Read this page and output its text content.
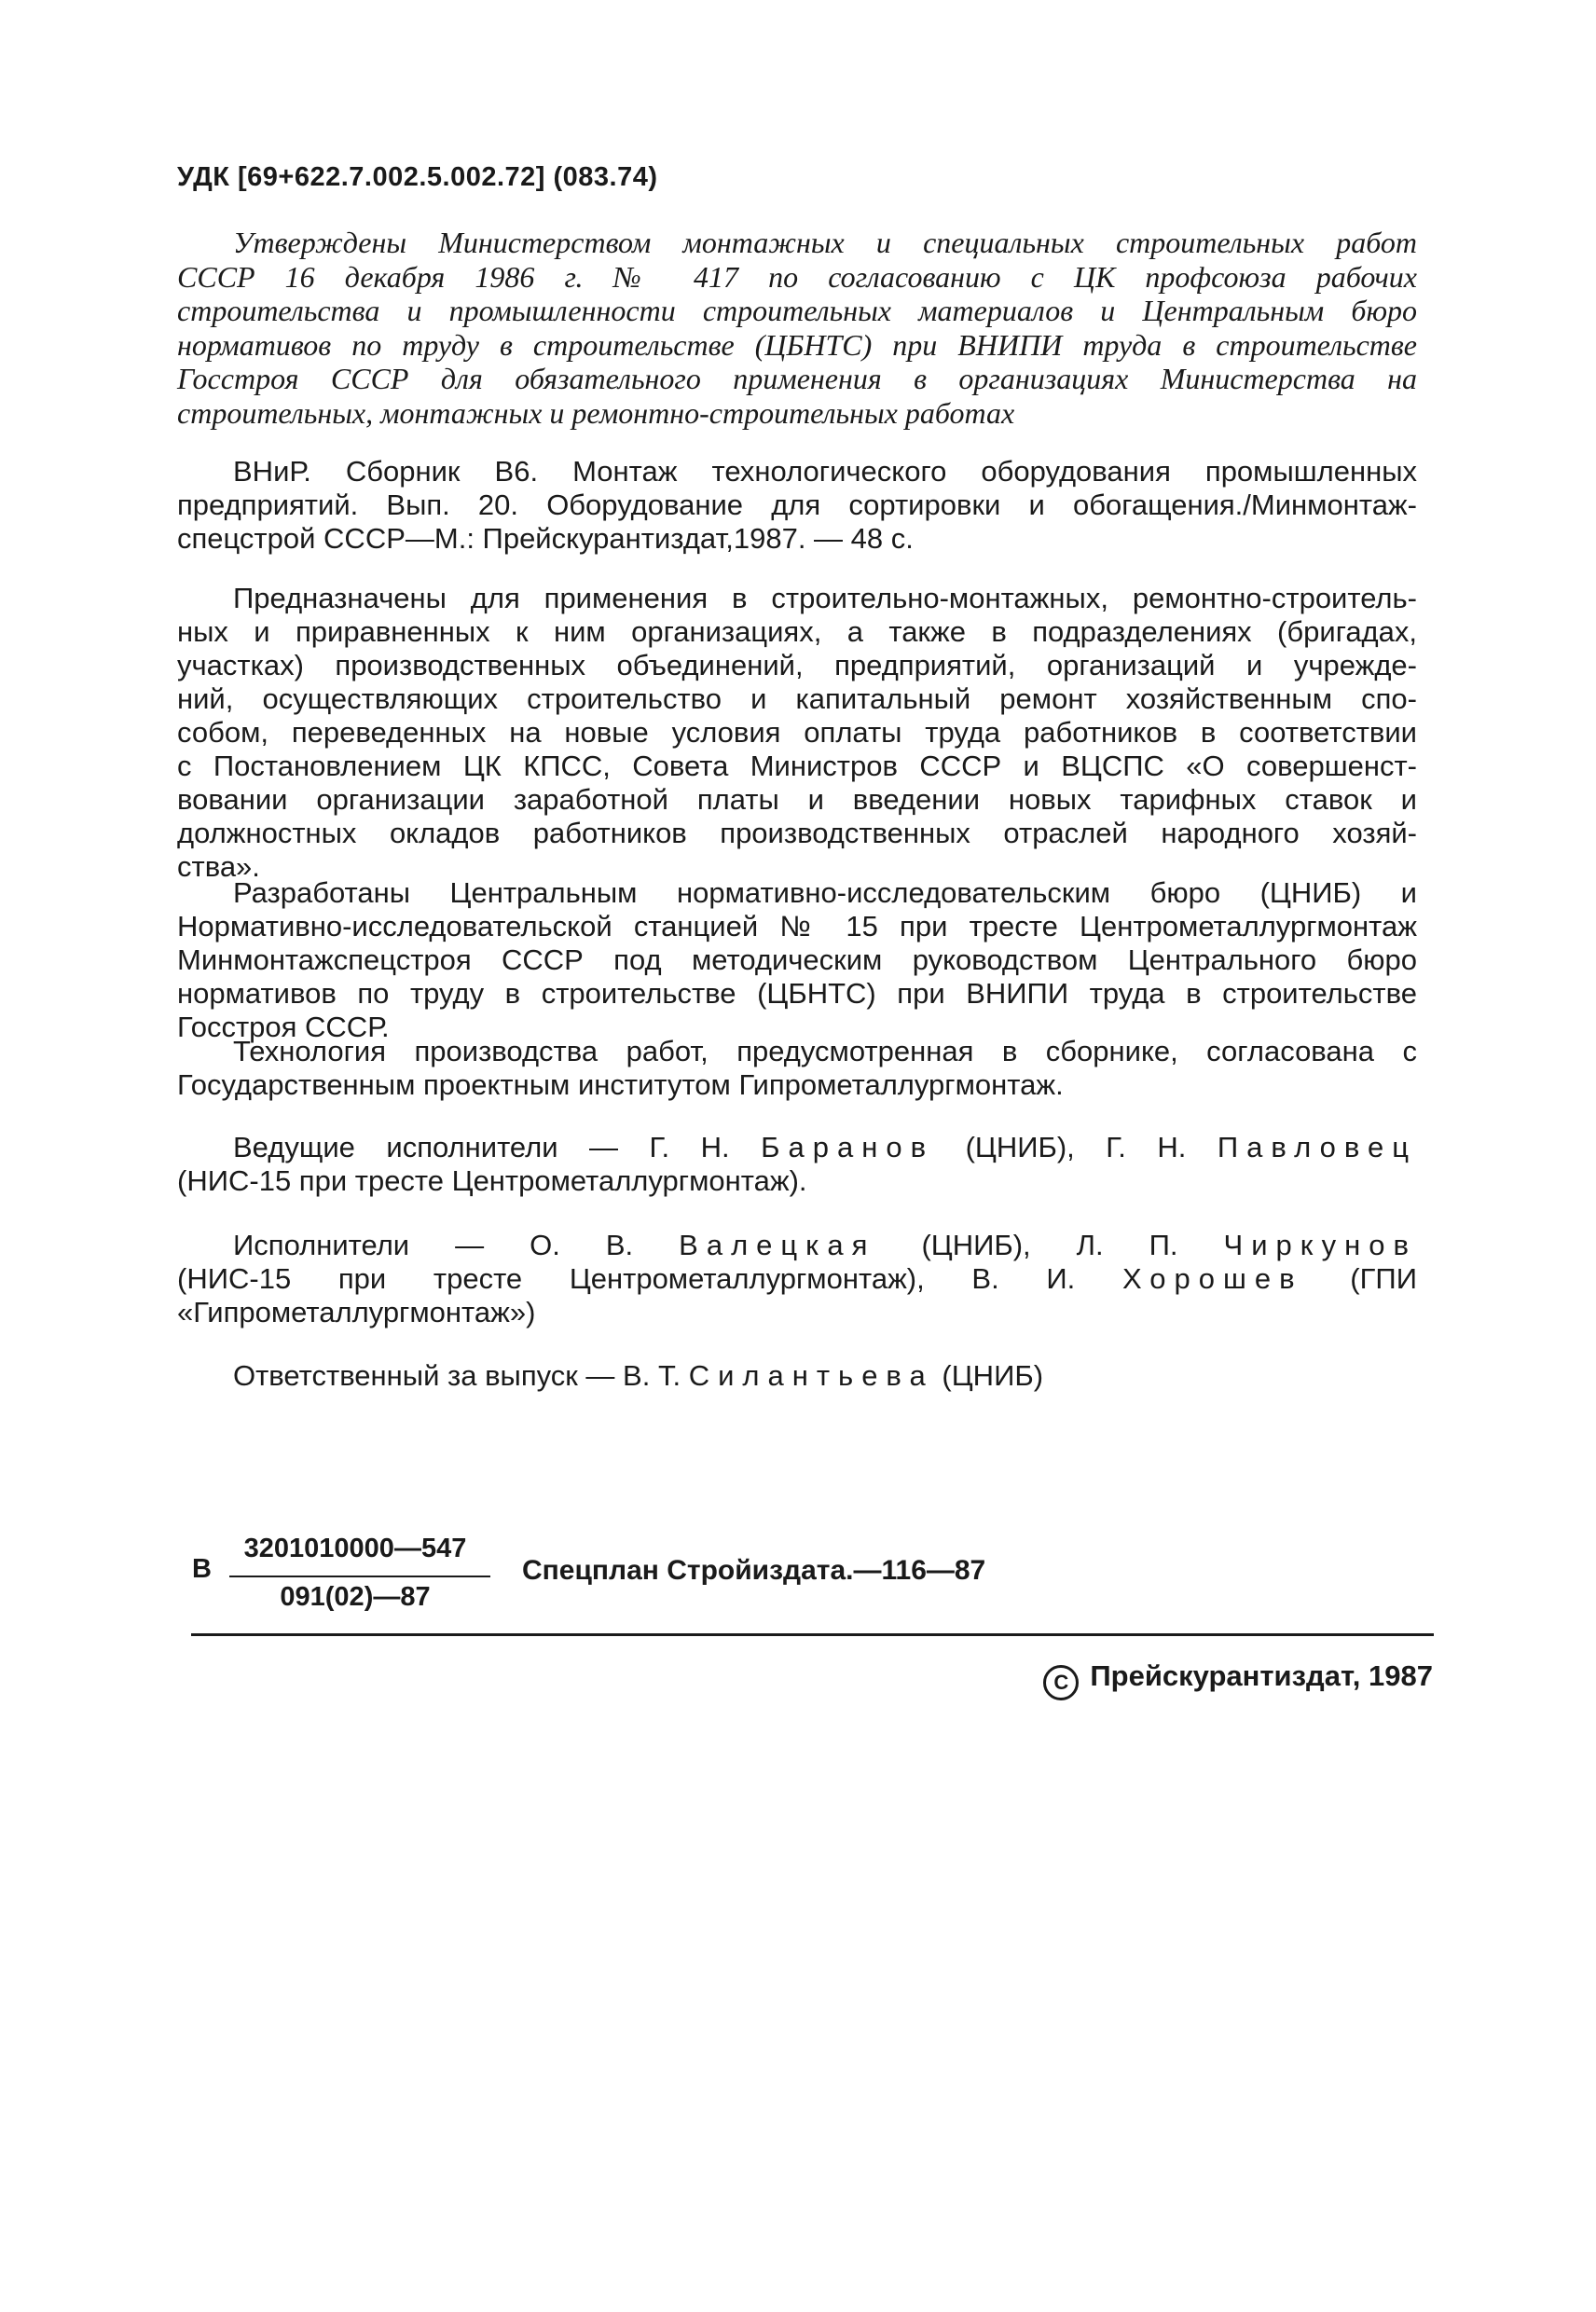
УДК [69+622.7.002.5.002.72] (083.74)
Утверждены Министерством монтажных и специальных строительных работ
СССР 16 декабря 1986 г. № 417 по согласованию с ЦК профсоюза рабочих
строительства и промышленности строительных материалов и Центральным бюро
нормативов по труду в строительстве (ЦБНТС) при ВНИПИ труда в строительстве
Госстроя СССР для обязательного применения в организациях Министерства на
строительных, монтажных и ремонтно-строительных работах
ВНиР. Сборник В6. Монтаж технологического оборудования промышленных
предприятий. Вып. 20. Оборудование для сортировки и обогащения./Минмонтаж-
спецстрой СССР—М.: Прейскурантиздат,1987. — 48 с.
Предназначены для применения в строительно-монтажных, ремонтно-строитель-
ных и приравненных к ним организациях, а также в подразделениях (бригадах,
участках) производственных объединений, предприятий, организаций и учрежде-
ний, осуществляющих строительство и капитальный ремонт хозяйственным спо-
собом, переведенных на новые условия оплаты труда работников в соответствии
с Постановлением ЦК КПСС, Совета Министров СССР и ВЦСПС «О совершенст-
вовании организации заработной платы и введении новых тарифных ставок и
должностных окладов работников производственных отраслей народного хозяй-
ства».
Разработаны Центральным нормативно-исследовательским бюро (ЦНИБ) и
Нормативно-исследовательской станцией № 15 при тресте Центрометаллургмонтаж
Минмонтажспецстроя СССР под методическим руководством Центрального бюро
нормативов по труду в строительстве (ЦБНТС) при ВНИПИ труда в строительстве
Госстроя СССР.
Технология производства работ, предусмотренная в сборнике, согласована с
Государственным проектным институтом Гипрометаллургмонтаж.
Ведущие исполнители — Г. Н. Баранов (ЦНИБ), Г. Н. Павловец
(НИС-15 при тресте Центрометаллургмонтаж).
Исполнители — О. В. Валецкая (ЦНИБ), Л. П. Чиркунов
(НИС-15 при тресте Центрометаллургмонтаж), В. И. Хорошев (ГПИ
«Гипрометаллургмонтаж»)
Ответственный за выпуск — В. Т. Силантьева (ЦНИБ)
В
3201010000—547
091(02)—87
Спецплан Стройиздата.—116—87
C Прейскурантиздат, 1987
